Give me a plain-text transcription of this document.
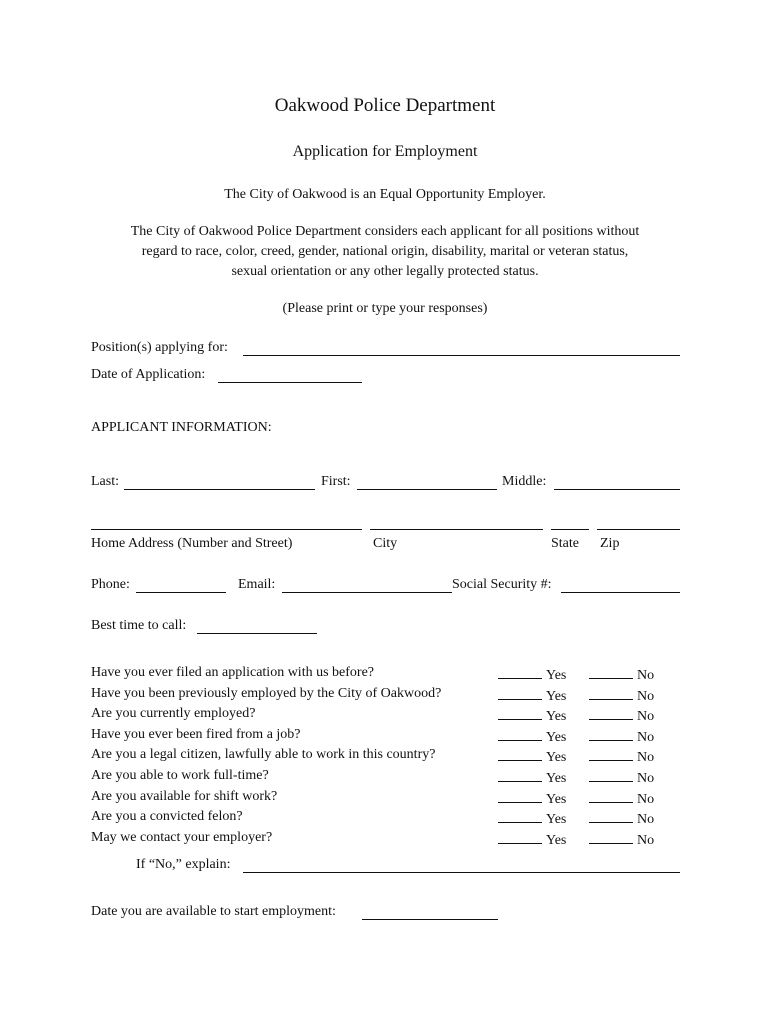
Oakwood Police Department
Application for Employment
The City of Oakwood is an Equal Opportunity Employer.
The City of Oakwood Police Department considers each applicant for all positions without
regard to race, color, creed, gender, national origin, disability, marital or veteran status,
sexual orientation or any other legally protected status.
(Please print or type your responses)
Position(s) applying for:
Date of Application:
APPLICANT INFORMATION:
Last:	First:	Middle:
Home Address (Number and Street)	City	State Zip
Phone:	Email:	Social Security #:
Best time to call:
Have you ever filed an application with us before?	Yes	No
Have you been previously employed by the City of Oakwood?	Yes	No
Are you currently employed?	Yes	No
Have you ever been fired from a job?	Yes	No
Are you a legal citizen, lawfully able to work in this country?	Yes	No
Are you able to work full-time?	Yes	No
Are you available for shift work?	Yes	No
Are you a convicted felon?	Yes	No
May we contact your employer?	Yes	No
If “No,” explain:
Date you are available to start employment:
